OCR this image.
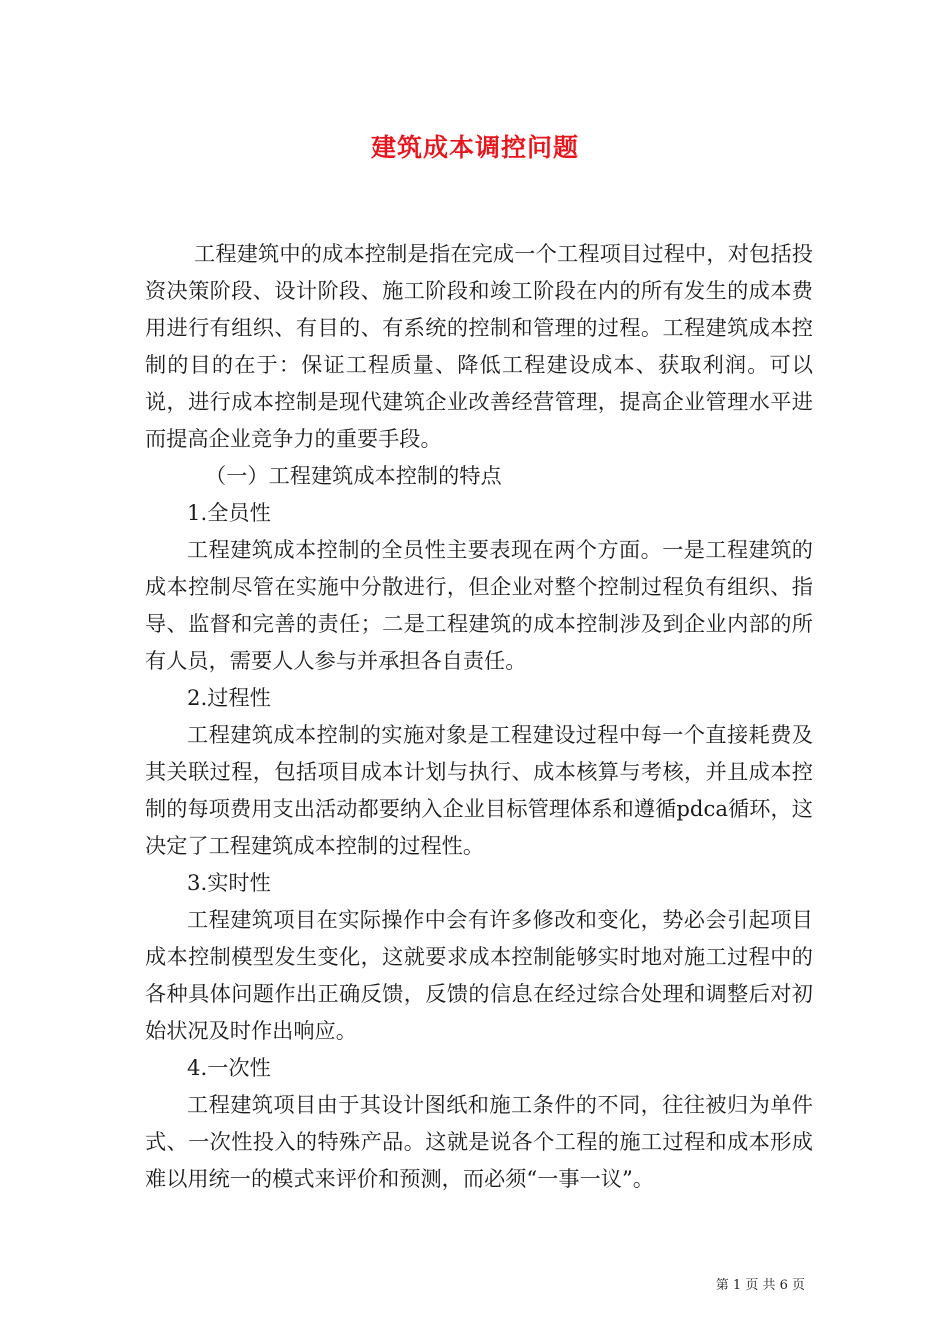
建筑成本调控问题

工程建筑中的成本控制是指在完成一个工程项目过程中，对包括投资决策阶段、设计阶段、施工阶段和竣工阶段在内的所有发生的成本费用进行有组织、有目的、有系统的控制和管理的过程。工程建筑成本控制的目的在于：保证工程质量、降低工程建设成本、获取利润。可以说，进行成本控制是现代建筑企业改善经营管理，提高企业管理水平进而提高企业竞争力的重要手段。

（一）工程建筑成本控制的特点

1.全员性

工程建筑成本控制的全员性主要表现在两个方面。一是工程建筑的成本控制尽管在实施中分散进行，但企业对整个控制过程负有组织、指导、监督和完善的责任；二是工程建筑的成本控制涉及到企业内部的所有人员，需要人人参与并承担各自责任。

2.过程性

工程建筑成本控制的实施对象是工程建设过程中每一个直接耗费及其关联过程，包括项目成本计划与执行、成本核算与考核，并且成本控制的每项费用支出活动都要纳入企业目标管理体系和遵循pdca循环，这决定了工程建筑成本控制的过程性。

3.实时性

工程建筑项目在实际操作中会有许多修改和变化，势必会引起项目成本控制模型发生变化，这就要求成本控制能够实时地对施工过程中的各种具体问题作出正确反馈，反馈的信息在经过综合处理和调整后对初始状况及时作出响应。

4.一次性

工程建筑项目由于其设计图纸和施工条件的不同，往往被归为单件式、一次性投入的特殊产品。这就是说各个工程的施工过程和成本形成难以用统一的模式来评价和预测，而必须“一事一议”。

第 1 页 共 6 页
